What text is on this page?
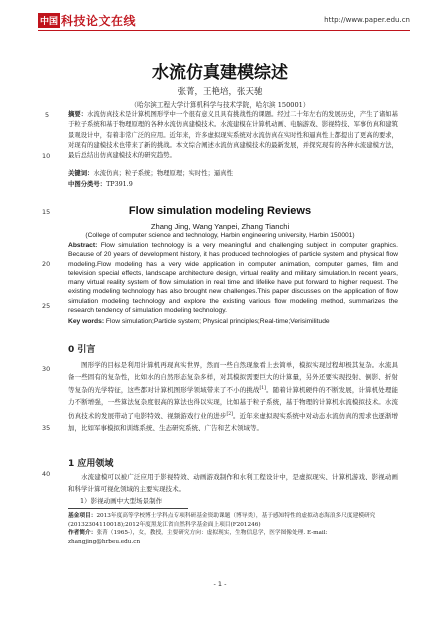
中国 科技论文在线	http://www.paper.edu.cn
水流仿真建模综述
张菁，王艳培，张天驰
（哈尔滨工程大学计算机科学与技术学院，哈尔滨 150001）
5
10
15
20
25
30
35
40
摘要：水流仿真技术是计算机图形学中一个很有意义且具有挑战性的课题。经过二十年左右的发展历史，产生了诸如基于粒子系统和基于物理原理的各种水流仿真建模技术。水流建模在计算机动画、电脑游戏、影视特技、军事仿真和建筑景观设计中，有着非常广泛的应用。近年来，许多虚拟现实系统对水流仿真在实时性和逼真性上都提出了更高的要求，对现有的建模技术也带来了新的挑战。本文综合阐述水流仿真建模技术的最新发展，并探究现有的各种水流建模方法，最后总结出仿真建模技术的研究趋势。
关键词：水流仿真；粒子系统；物理原理；实时性；逼真性
中图分类号：TP391.9
Flow simulation modeling Reviews
Zhang Jing, Wang Yanpei, Zhang Tianchi
(College of computer science and technology, Harbin engineering university, Harbin 150001)
Abstract: Flow simulation technology is a very meaningful and challenging subject in computer graphics. Because of 20 years of development history, it has produced technologies of particle system and physical flow modeling.Flow modeling has a very wide application in computer animation, computer games, film and television special effects, landscape architecture design, virtual reality and military simulation.In recent years, many virtual reality system of flow simulation in real time and lifelike have put forward to higher request. The existing modeling technology has also brought new challenges.This paper discusses on the application of flow simulation modeling technology and explore the existing various flow modeling method, summarizes the research tendency of simulation modeling technology.
Key words: Flow simulation;Particle system; Physical principles;Real-time;Verisimilitude
0 引言
图形学的目标是利用计算机再现真实世界，然而一些自然现象看上去简单，模拟实现过程却极其复杂。水流具备一些固有的复杂性，比如水的自然形态复杂多样，对其模拟需要巨大的计算量，另外还要实现投射、倒影、折射等复杂的光学特征，这些都对计算机图形学领域带来了不小的挑战[1]。随着计算机硬件的不断发展，计算机处理能力不断增强，一些算法复杂度很高的算法也得以实现，比如基于粒子系统，基于物理的计算机水流模拟技术。水流仿真技术的发展带动了电影特效、视频游戏行业的进步[2]。近年来虚拟现实系统中对动态水流仿真的需求也逐渐增加，比如军事模拟和训练系统、生态研究系统、广告和艺术领域等。
1 应用领域
水流建模可以被广泛应用于影视特效、动画游戏制作和水利工程设计中，是虚拟现实、计算机游戏、影视动画和科学计算可视化领域的主要实现技术。
1）影视动画中大型场景制作
基金项目：2013年度高等学校博士学科点专项科研基金资助课题（博导类），基于感知特性的虚拟动态海浪多尺度建模研究(20132304110018);2012年度黑龙江省自然科学基金面上项目(F201246)
作者简介：张菁（1965-），女，教授，主要研究方向：虚拟现实，生物信息学，医学图像处理. E-mail: zhangjing@hrbeu.edu.cn
- 1 -
